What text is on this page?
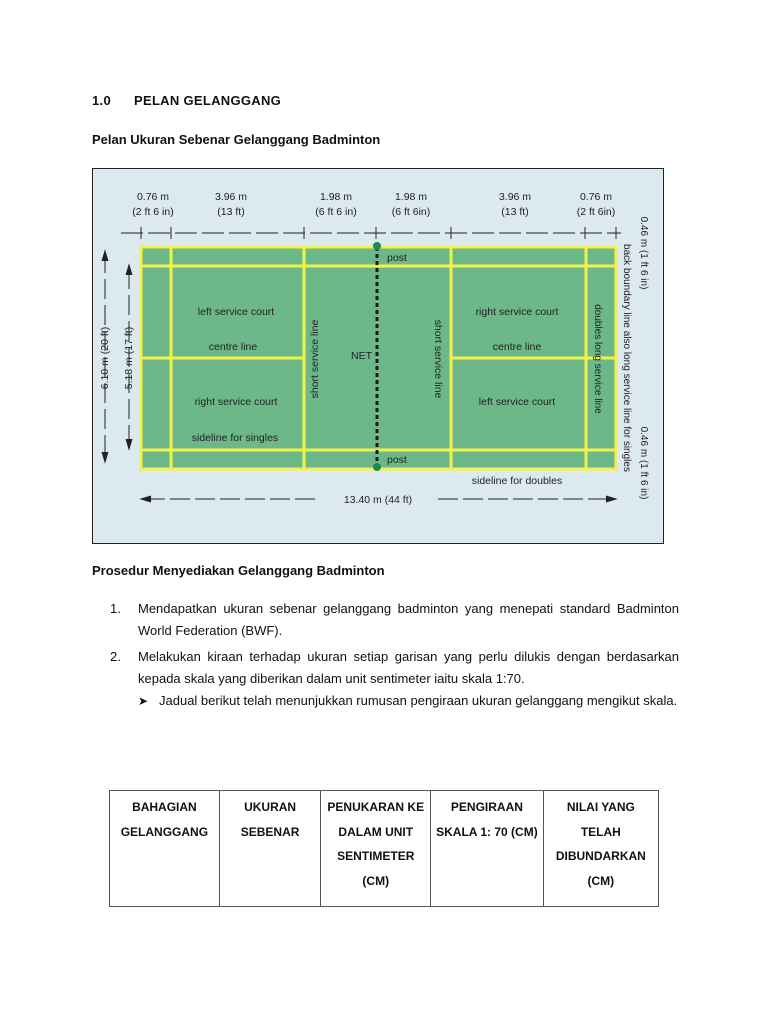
1.0 PELAN GELANGGANG
Pelan Ukuran Sebenar Gelanggang Badminton
0.76 m
(2 ft 6 in)
3.96 m
(13 ft)
1.98 m
(6 ft 6 in)
1.98 m
(6 ft 6in)
3.96 m
(13 ft)
0.76 m
(2 ft 6in)
6.10 m (20 ft) 5.18 m (17 ft)
post
post
NET
left service court
centre line
right service court
sideline for singles
right service court
centre line
left service court
short service line	short service line	doubles long service line
sideline for doubles
back boundary line also long service line for singles 0.46 m (1 ft 6 in)
0.46 m (1 ft 6 in)
13.40 m (44 ft)
Prosedur Menyediakan Gelanggang Badminton
1. Mendapatkan ukuran sebenar gelanggang badminton yang menepati standard Badminton World Federation (BWF).
2. Melakukan kiraan terhadap ukuran setiap garisan yang perlu dilukis dengan berdasarkan kepada skala yang diberikan dalam unit sentimeter iaitu skala 1:70.
➤ Jadual berikut telah menunjukkan rumusan pengiraan ukuran gelanggang mengikut skala.
BAHAGIAN GELANGGANG	UKURAN SEBENAR	PENUKARAN KE DALAM UNIT SENTIMETER (CM)	PENGIRAAN SKALA 1: 70 (CM)	NILAI YANG TELAH DIBUNDARKAN (CM)
